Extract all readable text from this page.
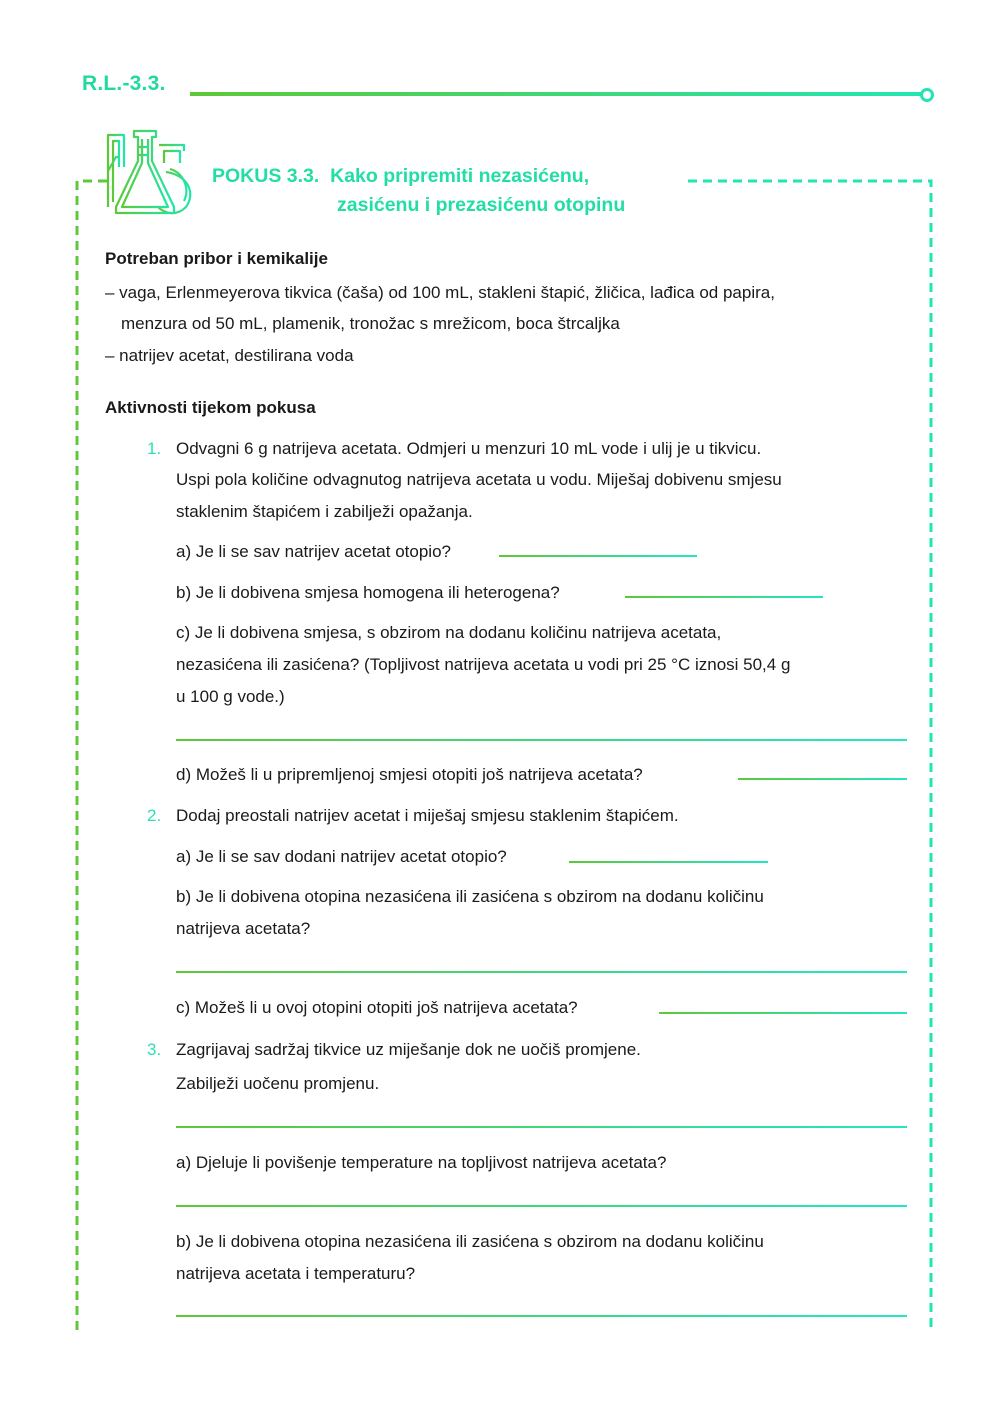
R.L.-3.3.
POKUS 3.3.  Kako pripremiti nezasićenu,
zasićenu i prezasićenu otopinu
Potreban pribor i kemikalije
– vaga, Erlenmeyerova tikvica (čaša) od 100 mL, stakleni štapić, žličica, lađica od papira,
menzura od 50 mL, plamenik, tronožac s mrežicom, boca štrcaljka
– natrijev acetat, destilirana voda
Aktivnosti tijekom pokusa
1. Odvagni 6 g natrijeva acetata. Odmjeri u menzuri 10 mL vode i ulij je u tikvicu.
Uspi pola količine odvagnutog natrijeva acetata u vodu. Miješaj dobivenu smjesu
staklenim štapićem i zabilježi opažanja.
a) Je li se sav natrijev acetat otopio?
b) Je li dobivena smjesa homogena ili heterogena?
c) Je li dobivena smjesa, s obzirom na dodanu količinu natrijeva acetata,
nezasićena ili zasićena? (Topljivost natrijeva acetata u vodi pri 25 °C iznosi 50,4 g
u 100 g vode.)
d) Možeš li u pripremljenoj smjesi otopiti još natrijeva acetata?
2. Dodaj preostali natrijev acetat i miješaj smjesu staklenim štapićem.
a) Je li se sav dodani natrijev acetat otopio?
b) Je li dobivena otopina nezasićena ili zasićena s obzirom na dodanu količinu
natrijeva acetata?
c) Možeš li u ovoj otopini otopiti još natrijeva acetata?
3. Zagrijavaj sadržaj tikvice uz miješanje dok ne uočiš promjene.
Zabilježi uočenu promjenu.
a) Djeluje li povišenje temperature na topljivost natrijeva acetata?
b) Je li dobivena otopina nezasićena ili zasićena s obzirom na dodanu količinu
natrijeva acetata i temperaturu?
